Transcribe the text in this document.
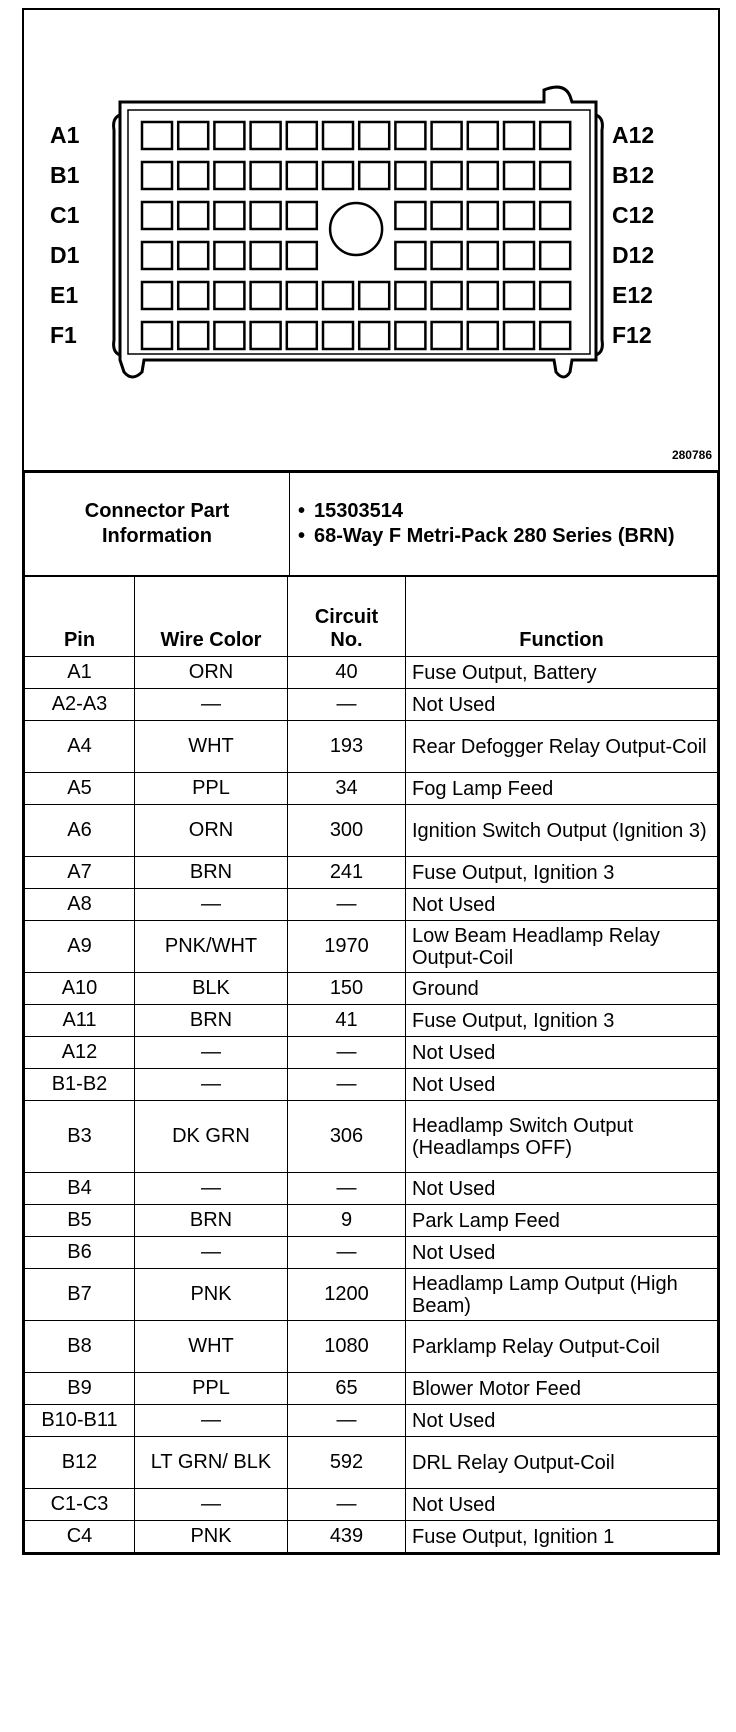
A1
B1
C1
D1
E1
F1
A12
B12
C12
D12
E12
F12
280786
Connector Part Information	
• 15303514
• 68-Way F Metri-Pack 280 Series (BRN)
Pin	Wire Color	Circuit No.	Function
A1	ORN	40	Fuse Output, Battery
A2-A3	—	—	Not Used
A4	WHT	193	Rear Defogger Relay Output-Coil
A5	PPL	34	Fog Lamp Feed
A6	ORN	300	Ignition Switch Output (Ignition 3)
A7	BRN	241	Fuse Output, Ignition 3
A8	—	—	Not Used
A9	PNK/WHT	1970	Low Beam Headlamp Relay Output-Coil
A10	BLK	150	Ground
A11	BRN	41	Fuse Output, Ignition 3
A12	—	—	Not Used
B1-B2	—	—	Not Used
B3	DK GRN	306	Headlamp Switch Output (Headlamps OFF)
B4	—	—	Not Used
B5	BRN	9	Park Lamp Feed
B6	—	—	Not Used
B7	PNK	1200	Headlamp Lamp Output (High Beam)
B8	WHT	1080	Parklamp Relay Output-Coil
B9	PPL	65	Blower Motor Feed
B10-B11	—	—	Not Used
B12	LT GRN/ BLK	592	DRL Relay Output-Coil
C1-C3	—	—	Not Used
C4	PNK	439	Fuse Output, Ignition 1
